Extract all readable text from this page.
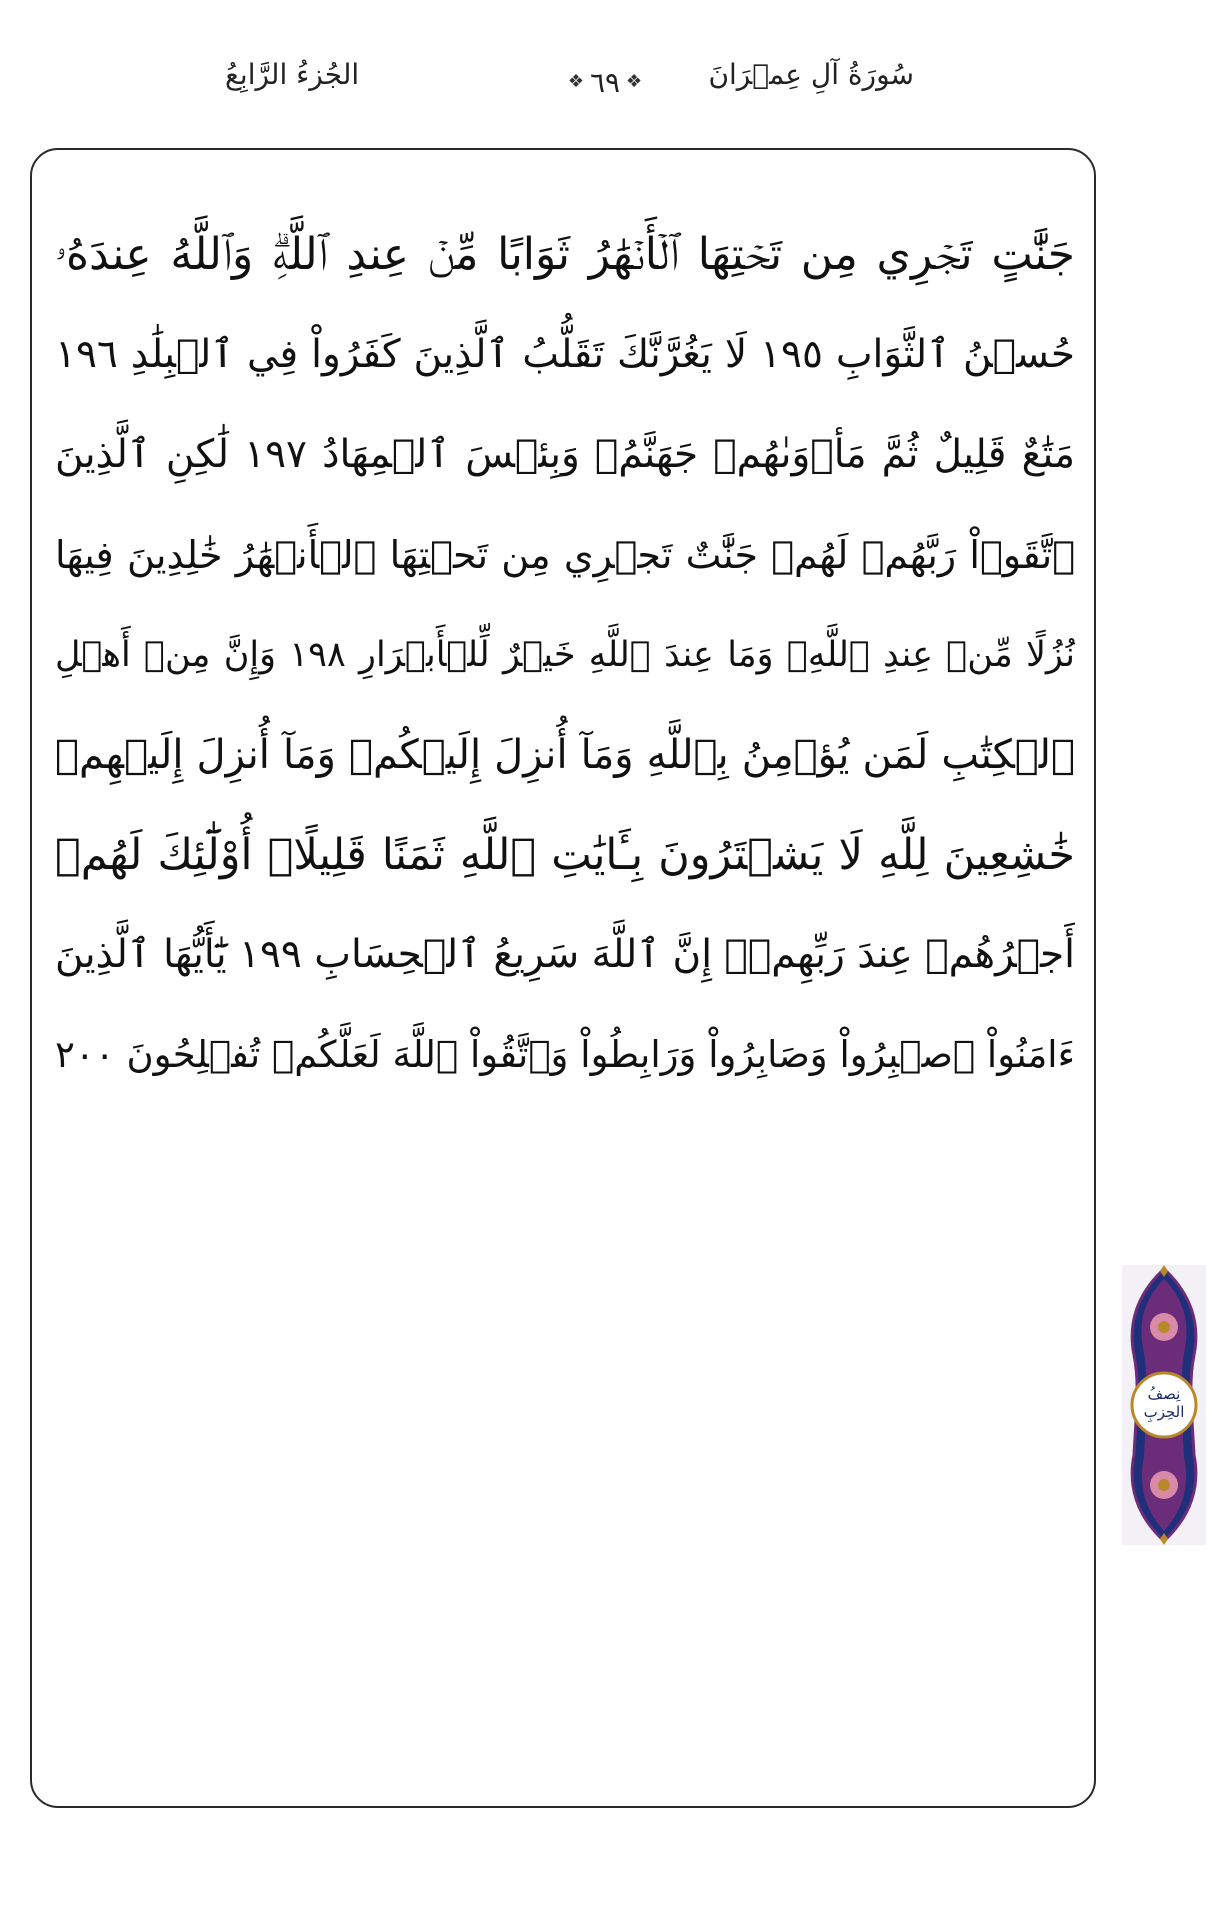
سُورَةُ آلِ عِمۡرَانَ
❖ ٦٩ ❖
الجُزءُ الرَّابِعُ
جَنَّٰتٍ تَجۡرِي مِن تَحۡتِهَا ٱلۡأَنۡهَٰرُ ثَوَابًا مِّنۡ عِندِ ٱللَّهِۗ وَٱللَّهُ عِندَهُۥ
حُسۡنُ ٱلثَّوَابِ ١٩٥ لَا يَغُرَّنَّكَ تَقَلُّبُ ٱلَّذِينَ كَفَرُواْ فِي ٱلۡبِلَٰدِ ١٩٦
مَتَٰعٌ قَلِيلٌ ثُمَّ مَأۡوَىٰهُمۡ جَهَنَّمُۖ وَبِئۡسَ ٱلۡمِهَادُ ١٩٧ لَٰكِنِ ٱلَّذِينَ
ٱتَّقَوۡاْ رَبَّهُمۡ لَهُمۡ جَنَّٰتٌ تَجۡرِي مِن تَحۡتِهَا ٱلۡأَنۡهَٰرُ خَٰلِدِينَ فِيهَا
نُزُلًا مِّنۡ عِندِ ٱللَّهِۗ وَمَا عِندَ ٱللَّهِ خَيۡرٌ لِّلۡأَبۡرَارِ ١٩٨ وَإِنَّ مِنۡ أَهۡلِ
ٱلۡكِتَٰبِ لَمَن يُؤۡمِنُ بِٱللَّهِ وَمَآ أُنزِلَ إِلَيۡكُمۡ وَمَآ أُنزِلَ إِلَيۡهِمۡ
خَٰشِعِينَ لِلَّهِ لَا يَشۡتَرُونَ بِـَٔايَٰتِ ٱللَّهِ ثَمَنًا قَلِيلًاۗ أُوْلَٰٓئِكَ لَهُمۡ
أَجۡرُهُمۡ عِندَ رَبِّهِمۡۗ إِنَّ ٱللَّهَ سَرِيعُ ٱلۡحِسَابِ ١٩٩ يَٰٓأَيُّهَا ٱلَّذِينَ
ءَامَنُواْ ٱصۡبِرُواْ وَصَابِرُواْ وَرَابِطُواْ وَٱتَّقُواْ ٱللَّهَ لَعَلَّكُمۡ تُفۡلِحُونَ ٢٠٠
نِصفُ الحِزبِ
